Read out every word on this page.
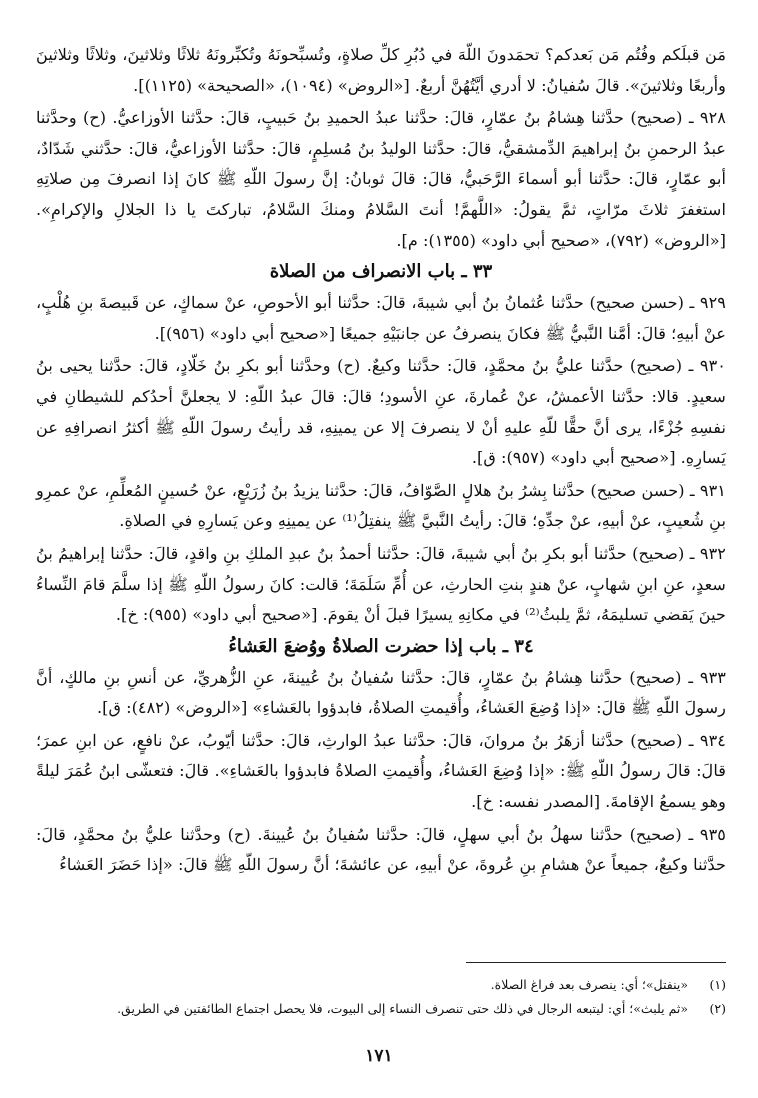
مَن قبلَكم وفُتُم مَن بَعدكم؟ تحمَدونَ اللّهَ في دُبُرِ كلِّ صلاةٍ، وتُسبِّحونَهُ وتُكبِّرونَهُ ثلاثًا وثلاثينَ، وثلاثًا وثلاثينَ وأربعًا وثلاثينَ». قالَ سُفيانُ: لا أدري أيَّتُهُنَّ أربعٌ. [«الروض» (١٠٩٤)، «الصحيحة» (١١٢٥)].

٩٢٨ ـ (صحيح) حدَّثنا هِشامُ بنُ عمّارٍ، قالَ: حدَّثنا عبدُ الحميدِ بنُ حَبيبٍ، قالَ: حدَّثنا الأوزاعيُّ. (ح) وحدَّثنا عبدُ الرحمنِ بنُ إبراهيمَ الدِّمشقيُّ، قالَ: حدَّثنا الوليدُ بنُ مُسلِمٍ، قالَ: حدَّثنا الأوزاعيُّ، قالَ: حدَّثني شَدّادٌ، أبو عمّارٍ، قالَ: حدَّثنا أبو أسماءَ الرَّحَبيُّ، قالَ: قالَ ثوبانُ: إنَّ رسولَ اللّهِ ﷺ كانَ إذا انصرفَ مِن صلاتِهِ استغفرَ ثلاثَ مرّاتٍ، ثمَّ يقولُ: «اللَّهمَّ! أنتَ السَّلامُ ومنكَ السَّلامُ، تباركتَ يا ذا الجلالِ والإكرامِ». [«الروض» (٧٩٢)، «صحيح أبي داود» (١٣٥٥): م].

٣٣ ـ باب الانصراف من الصلاة

٩٢٩ ـ (حسن صحيح) حدَّثنا عُثمانُ بنُ أبي شيبةَ، قالَ: حدَّثنا أبو الأحوصِ، عنْ سماكٍ، عن قَبيصةَ بنِ هُلْبٍ، عنْ أبيهِ؛ قالَ: أمَّنا النَّبيُّ ﷺ فكانَ ينصرفُ عن جانبَيْهِ جميعًا [«صحيح أبي داود» (٩٥٦)].

٩٣٠ ـ (صحيح) حدَّثنا عليُّ بنُ محمَّدٍ، قالَ: حدَّثنا وكيعٌ. (ح) وحدَّثنا أبو بكرِ بنُ خَلّادٍ، قالَ: حدَّثنا يحيى بنُ سعيدٍ. قالا: حدَّثنا الأعمشُ، عنْ عُمارةَ، عنِ الأسودِ؛ قالَ: قالَ عبدُ اللّهِ: لا يجعلنَّ أحدُكم للشيطانِ في نفسِهِ جُزْءًا، يرى أنَّ حقًّا للّهِ عليهِ أنْ لا ينصرفَ إلا عن يمينِهِ، قد رأيتُ رسولَ اللّهِ ﷺ أكثرُ انصرافِهِ عن يَسارِهِ. [«صحيح أبي داود» (٩٥٧): ق].

٩٣١ ـ (حسن صحيح) حدَّثنا بِشرُ بنُ هلالٍ الصَّوّافُ، قالَ: حدَّثنا يزيدُ بنُ زُرَيْعٍ، عنْ حُسينٍ المُعلِّمِ، عنْ عمرِو بنِ شُعيبٍ، عنْ أبيهِ، عنْ جدِّهِ؛ قالَ: رأيتُ النَّبيَّ ﷺ ينفتِلُ⁽¹⁾ عن يمينِهِ وعن يَسارِهِ في الصلاةِ.

٩٣٢ ـ (صحيح) حدَّثنا أبو بكرِ بنُ أبي شيبةَ، قالَ: حدَّثنا أحمدُ بنُ عبدِ الملكِ بنِ واقدٍ، قالَ: حدَّثنا إبراهيمُ بنُ سعدٍ، عنِ ابنِ شهابٍ، عنْ هندٍ بنتِ الحارثِ، عن أُمِّ سَلَمَةَ؛ قالت: كانَ رسولُ اللّهِ ﷺ إذا سلَّمَ قامَ النِّساءُ حينَ يَقضي تسليمَهُ، ثمَّ يلبثُ⁽²⁾ في مكانِهِ يسيرًا قبلَ أنْ يقومَ. [«صحيح أبي داود» (٩٥٥): خ].

٣٤ ـ باب إذا حضرت الصلاةُ ووُضعَ العَشاءُ

٩٣٣ ـ (صحيح) حدَّثنا هِشامُ بنُ عمّارٍ، قالَ: حدَّثنا سُفيانُ بنُ عُيينةَ، عنِ الزُّهريِّ، عن أنسِ بنِ مالكٍ، أنَّ رسولَ اللّهِ ﷺ قالَ: «إذا وُضِعَ العَشاءُ، وأُقيمتِ الصلاةُ، فابدؤوا بالعَشاءِ» [«الروض» (٤٨٢): ق].

٩٣٤ ـ (صحيح) حدَّثنا أزهَرُ بنُ مروانَ، قالَ: حدَّثنا عبدُ الوارثِ، قالَ: حدَّثنا أيّوبُ، عنْ نافعٍ، عن ابنِ عمرَ؛ قالَ: قالَ رسولُ اللّهِ ﷺ: «إذا وُضِعَ العَشاءُ، وأُقيمتِ الصلاةُ فابدؤوا بالعَشاءِ». قالَ: فتعشّى ابنُ عُمَرَ ليلةً وهو يسمعُ الإقامةَ. [المصدر نفسه: خ].

٩٣٥ ـ (صحيح) حدَّثنا سهلُ بنُ أبي سهلٍ، قالَ: حدَّثنا سُفيانُ بنُ عُيينةَ. (ح) وحدَّثنا عليُّ بنُ محمَّدٍ، قالَ: حدَّثنا وكيعٌ، جميعاً عنْ هشامِ بنِ عُروةَ، عنْ أبيهِ، عن عائشةَ؛ أنَّ رسولَ اللّهِ ﷺ قالَ: «إذا حَضَرَ العَشاءُ

(١) «ينفتل»؛ أي: ينصرف بعد فراغ الصلاة.

(٢) «ثم يلبث»؛ أي: ليتبعه الرجال في ذلك حتى تنصرف النساء إلى البيوت، فلا يحصل اجتماع الطائفتين في الطريق.

١٧١
